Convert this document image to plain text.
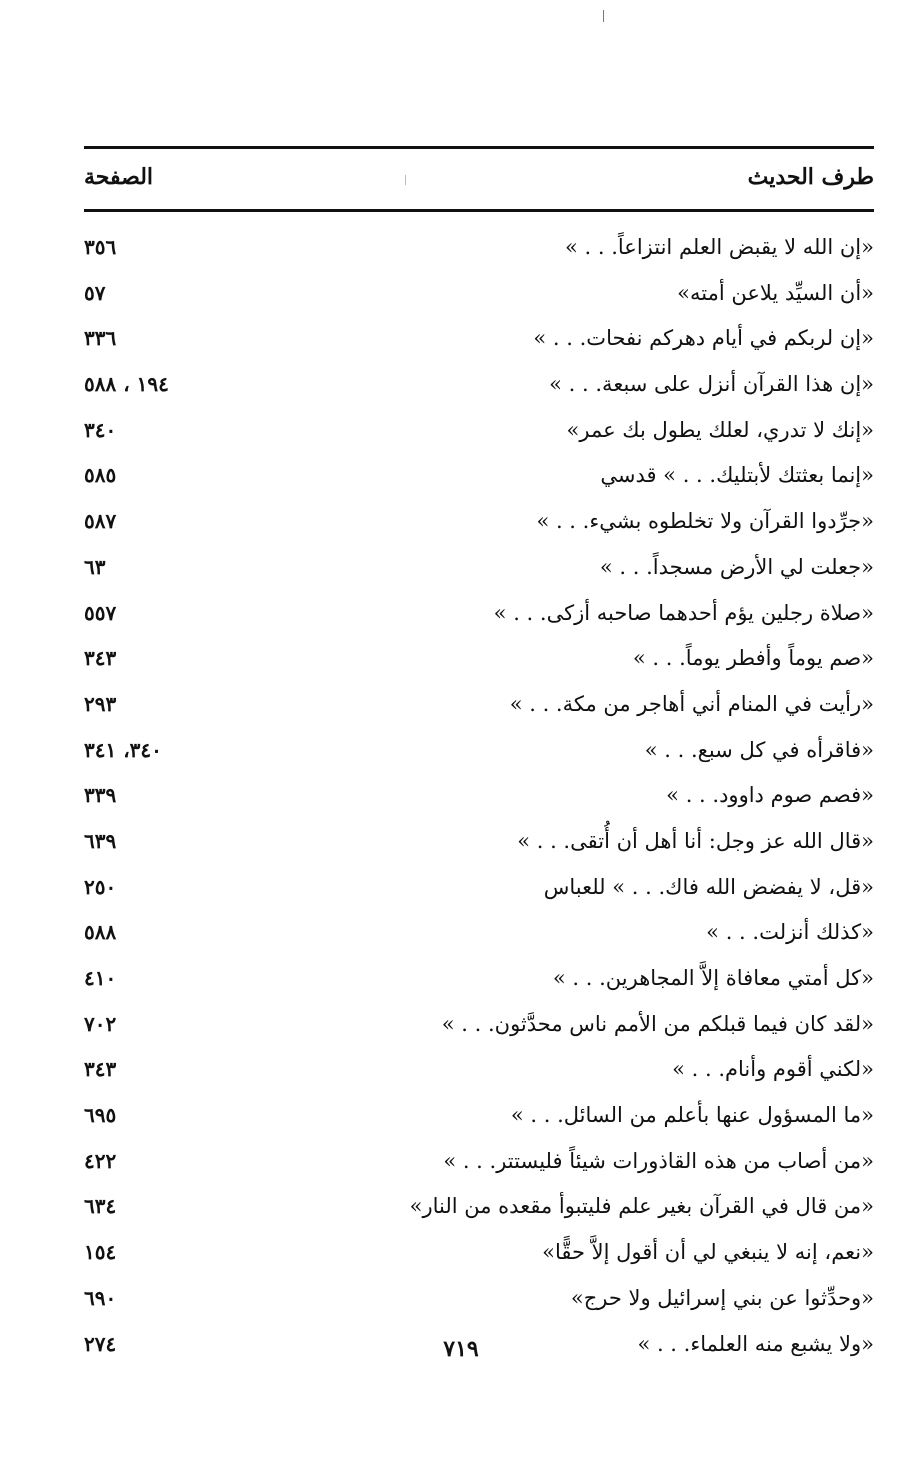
طرف الحديث
الصفحة
«إن الله لا يقبض العلم انتزاعاً. . . »
٣٥٦
«أن السيِّد يلاعن أمته»
٥٧
«إن لربكم في أيام دهركم نفحات. . . »
٣٣٦
«إن هذا القرآن أنزل على سبعة. . . »
١٩٤ ، ٥٨٨
«إنك لا تدري، لعلك يطول بك عمر»
٣٤٠
«إنما بعثتك لأبتليك. . . » قدسي
٥٨٥
«جرِّدوا القرآن ولا تخلطوه بشيء. . . »
٥٨٧
«جعلت لي الأرض مسجداً. . . »
٦٣
«صلاة رجلين يؤم أحدهما صاحبه أزكى. . . »
٥٥٧
«صم يوماً وأفطر يوماً. . . »
٣٤٣
«رأيت في المنام أني أهاجر من مكة. . . »
٢٩٣
«فاقرأه في كل سبع. . . »
٣٤٠، ٣٤١
«فصم صوم داوود. . . »
٣٣٩
«قال الله عز وجل: أنا أهل أن أُتقى. . . »
٦٣٩
«قل، لا يفضض الله فاك. . . » للعباس
٢٥٠
«كذلك أنزلت. . . »
٥٨٨
«كل أمتي معافاة إلاَّ المجاهرين. . . »
٤١٠
«لقد كان فيما قبلكم من الأمم ناس محدَّثون. . . »
٧٠٢
«لكني أقوم وأنام. . . »
٣٤٣
«ما المسؤول عنها بأعلم من السائل. . . »
٦٩٥
«من أصاب من هذه القاذورات شيئاً فليستتر. . . »
٤٢٢
«من قال في القرآن بغير علم فليتبوأ مقعده من النار»
٦٣٤
«نعم، إنه لا ينبغي لي أن أقول إلاَّ حقًّا»
١٥٤
«وحدِّثوا عن بني إسرائيل ولا حرج»
٦٩٠
«ولا يشبع منه العلماء. . . »
٢٧٤	٧١٩
